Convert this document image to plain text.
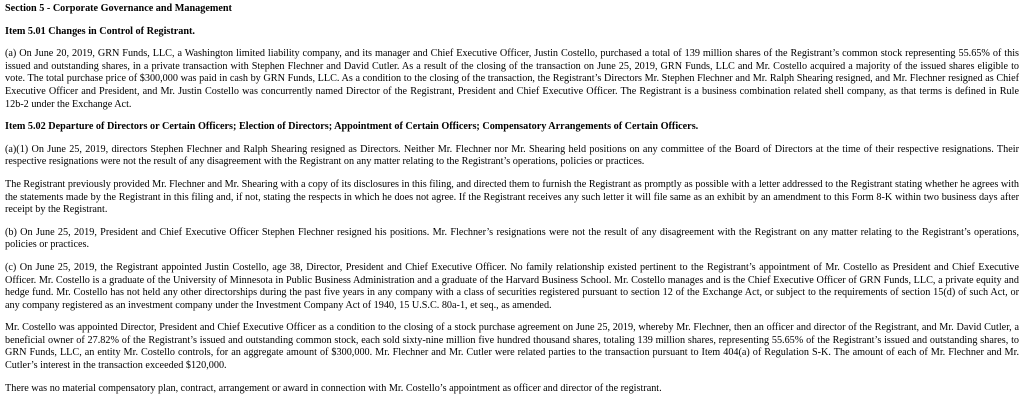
Section 5 - Corporate Governance and Management
Item 5.01 Changes in Control of Registrant.
(a) On June 20, 2019, GRN Funds, LLC, a Washington limited liability company, and its manager and Chief Executive Officer, Justin Costello, purchased a total of 139 million shares of the Registrant’s common stock representing 55.65% of this issued and outstanding shares, in a private transaction with Stephen Flechner and David Cutler. As a result of the closing of the transaction on June 25, 2019, GRN Funds, LLC and Mr. Costello acquired a majority of the issued shares eligible to vote. The total purchase price of $300,000 was paid in cash by GRN Funds, LLC. As a condition to the closing of the transaction, the Registrant’s Directors Mr. Stephen Flechner and Mr. Ralph Shearing resigned, and Mr. Flechner resigned as Chief Executive Officer and President, and Mr. Justin Costello was concurrently named Director of the Registrant, President and Chief Executive Officer. The Registrant is a business combination related shell company, as that terms is defined in Rule 12b-2 under the Exchange Act.
Item 5.02 Departure of Directors or Certain Officers; Election of Directors; Appointment of Certain Officers; Compensatory Arrangements of Certain Officers.
(a)(1) On June 25, 2019, directors Stephen Flechner and Ralph Shearing resigned as Directors. Neither Mr. Flechner nor Mr. Shearing held positions on any committee of the Board of Directors at the time of their respective resignations. Their respective resignations were not the result of any disagreement with the Registrant on any matter relating to the Registrant’s operations, policies or practices.
The Registrant previously provided Mr. Flechner and Mr. Shearing with a copy of its disclosures in this filing, and directed them to furnish the Registrant as promptly as possible with a letter addressed to the Registrant stating whether he agrees with the statements made by the Registrant in this filing and, if not, stating the respects in which he does not agree. If the Registrant receives any such letter it will file same as an exhibit by an amendment to this Form 8-K within two business days after receipt by the Registrant.
(b) On June 25, 2019, President and Chief Executive Officer Stephen Flechner resigned his positions. Mr. Flechner’s resignations were not the result of any disagreement with the Registrant on any matter relating to the Registrant’s operations, policies or practices.
(c) On June 25, 2019, the Registrant appointed Justin Costello, age 38, Director, President and Chief Executive Officer. No family relationship existed pertinent to the Registrant’s appointment of Mr. Costello as President and Chief Executive Officer. Mr. Costello is a graduate of the University of Minnesota in Public Business Administration and a graduate of the Harvard Business School. Mr. Costello manages and is the Chief Executive Officer of GRN Funds, LLC, a private equity and hedge fund. Mr. Costello has not held any other directorships during the past five years in any company with a class of securities registered pursuant to section 12 of the Exchange Act, or subject to the requirements of section 15(d) of such Act, or any company registered as an investment company under the Investment Company Act of 1940, 15 U.S.C. 80a-1, et seq., as amended.
Mr. Costello was appointed Director, President and Chief Executive Officer as a condition to the closing of a stock purchase agreement on June 25, 2019, whereby Mr. Flechner, then an officer and director of the Registrant, and Mr. David Cutler, a beneficial owner of 27.82% of the Registrant’s issued and outstanding common stock, each sold sixty-nine million five hundred thousand shares, totaling 139 million shares, representing 55.65% of the Registrant’s issued and outstanding shares, to GRN Funds, LLC, an entity Mr. Costello controls, for an aggregate amount of $300,000. Mr. Flechner and Mr. Cutler were related parties to the transaction pursuant to Item 404(a) of Regulation S-K. The amount of each of Mr. Flechner and Mr. Cutler’s interest in the transaction exceeded $120,000.
There was no material compensatory plan, contract, arrangement or award in connection with Mr. Costello’s appointment as officer and director of the registrant.
